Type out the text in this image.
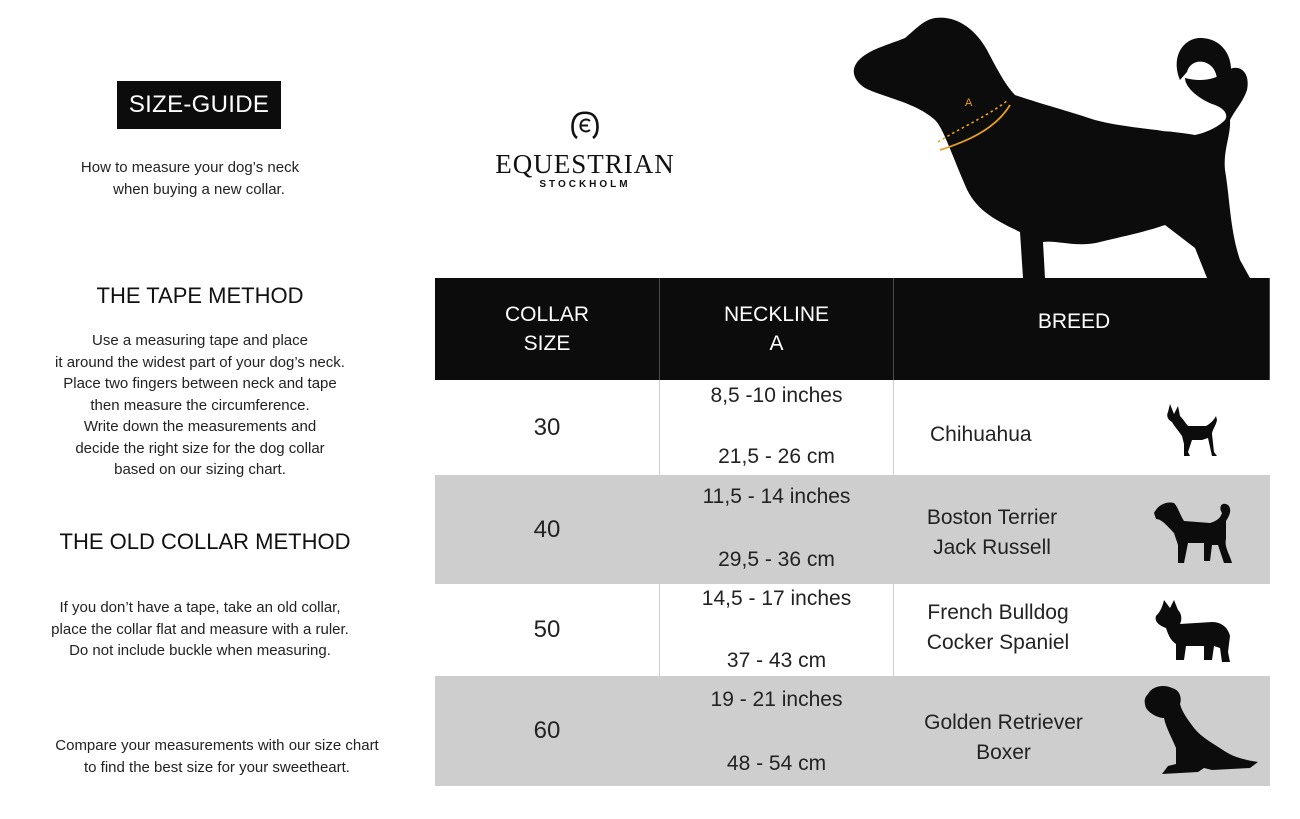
SIZE-GUIDE
How to measure your dog’s neck
when buying a new collar.
THE TAPE METHOD
Use a measuring tape and place
it around the widest part of your dog’s neck.
Place two fingers between neck and tape
then measure the circumference.
Write down the measurements and
decide the right size for the dog collar
based on our sizing chart.
THE OLD COLLAR METHOD
If you don’t have a tape, take an old collar,
place the collar flat and measure with a ruler.
Do not include buckle when measuring.
Compare your measurements with our size chart
to find the best size for your sweetheart.
EQUESTRIAN
STOCKHOLM
A
COLLAR
SIZE
NECKLINE
A
BREED
30
8,5 -10 inches
21,5 - 26 cm
Chihuahua
40
11,5 - 14 inches
29,5 - 36 cm
Boston Terrier
Jack Russell
50
14,5 - 17 inches
37 - 43 cm
French Bulldog
Cocker Spaniel
60
19 - 21 inches
48 - 54 cm
Golden Retriever
Boxer
